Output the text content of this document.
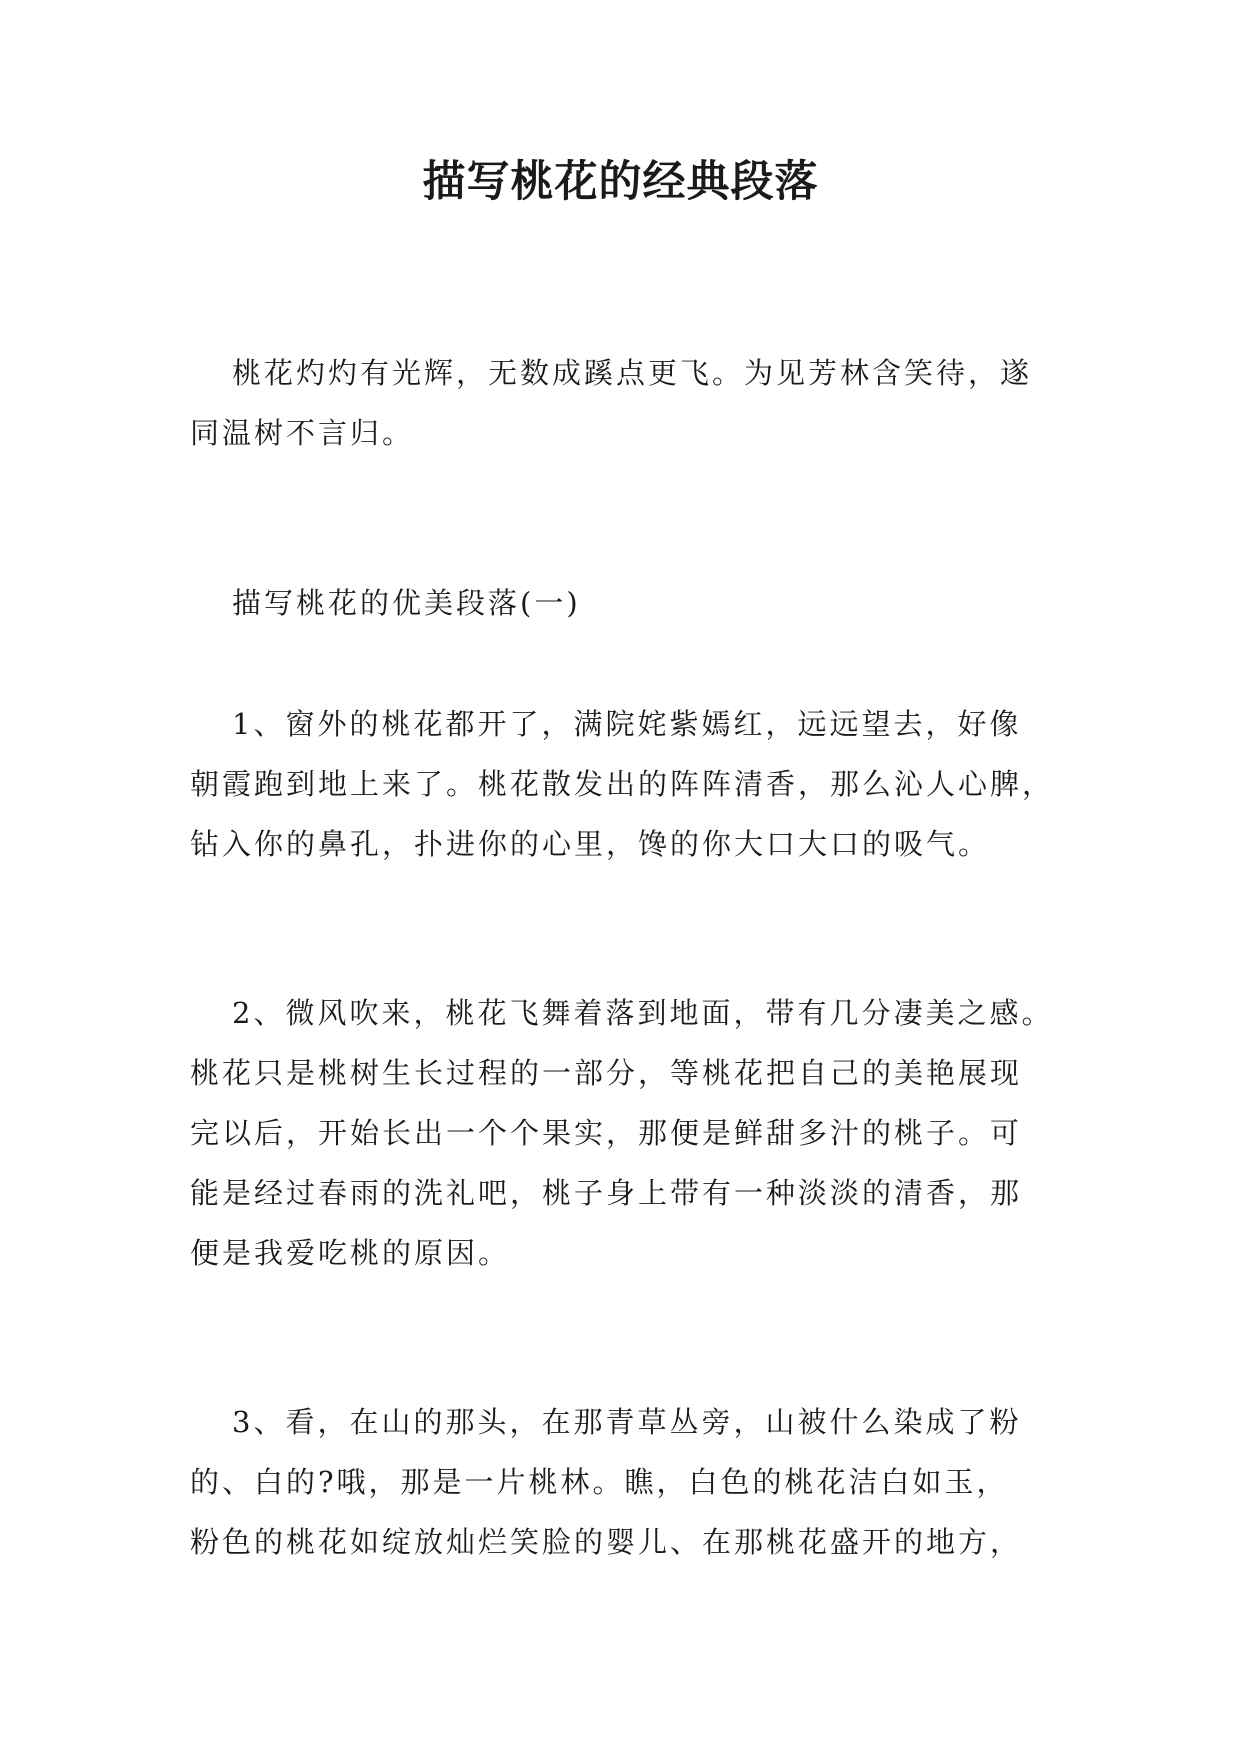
描写桃花的经典段落
桃花灼灼有光辉，无数成蹊点更飞。为见芳林含笑待，遂
同温树不言归。
描写桃花的优美段落(一)
1、窗外的桃花都开了，满院姹紫嫣红，远远望去，好像
朝霞跑到地上来了。桃花散发出的阵阵清香，那么沁人心脾，
钻入你的鼻孔，扑进你的心里，馋的你大口大口的吸气。
2、微风吹来，桃花飞舞着落到地面，带有几分凄美之感。
桃花只是桃树生长过程的一部分，等桃花把自己的美艳展现
完以后，开始长出一个个果实，那便是鲜甜多汁的桃子。可
能是经过春雨的洗礼吧，桃子身上带有一种淡淡的清香，那
便是我爱吃桃的原因。
3、看，在山的那头，在那青草丛旁，山被什么染成了粉
的、白的?哦，那是一片桃林。瞧，白色的桃花洁白如玉，
粉色的桃花如绽放灿烂笑脸的婴儿、在那桃花盛开的地方，
